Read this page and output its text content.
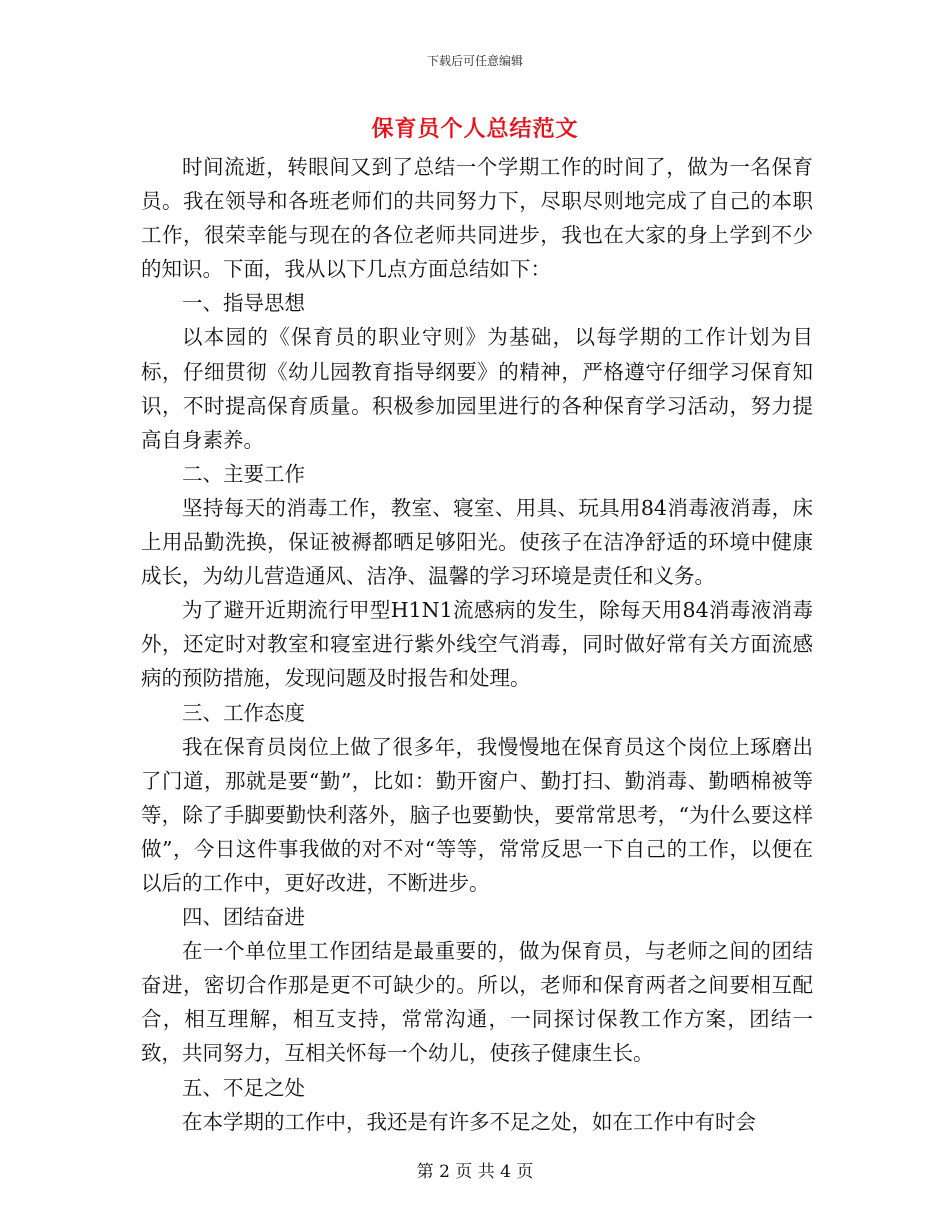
下载后可任意编辑
保育员个人总结范文

时间流逝，转眼间又到了总结一个学期工作的时间了，做为一名保育员。我在领导和各班老师们的共同努力下，尽职尽则地完成了自己的本职工作，很荣幸能与现在的各位老师共同进步，我也在大家的身上学到不少的知识。下面，我从以下几点方面总结如下：

一、指导思想

以本园的《保育员的职业守则》为基础，以每学期的工作计划为目标，仔细贯彻《幼儿园教育指导纲要》的精神，严格遵守仔细学习保育知识，不时提高保育质量。积极参加园里进行的各种保育学习活动，努力提高自身素养。

二、主要工作

坚持每天的消毒工作，教室、寝室、用具、玩具用84消毒液消毒，床上用品勤洗换，保证被褥都晒足够阳光。使孩子在洁净舒适的环境中健康成长，为幼儿营造通风、洁净、温馨的学习环境是责任和义务。

为了避开近期流行甲型H1N1流感病的发生，除每天用84消毒液消毒外，还定时对教室和寝室进行紫外线空气消毒，同时做好常有关方面流感病的预防措施，发现问题及时报告和处理。

三、工作态度

我在保育员岗位上做了很多年，我慢慢地在保育员这个岗位上琢磨出了门道，那就是要“勤”，比如：勤开窗户、勤打扫、勤消毒、勤晒棉被等等，除了手脚要勤快利落外，脑子也要勤快，要常常思考，“为什么要这样做”，今日这件事我做的对不对“等等，常常反思一下自己的工作，以便在以后的工作中，更好改进，不断进步。

四、团结奋进

在一个单位里工作团结是最重要的，做为保育员，与老师之间的团结奋进，密切合作那是更不可缺少的。所以，老师和保育两者之间要相互配合，相互理解，相互支持，常常沟通，一同探讨保教工作方案，团结一致，共同努力，互相关怀每一个幼儿，使孩子健康生长。

五、不足之处

在本学期的工作中，我还是有许多不足之处，如在工作中有时会

第 2 页 共 4 页
